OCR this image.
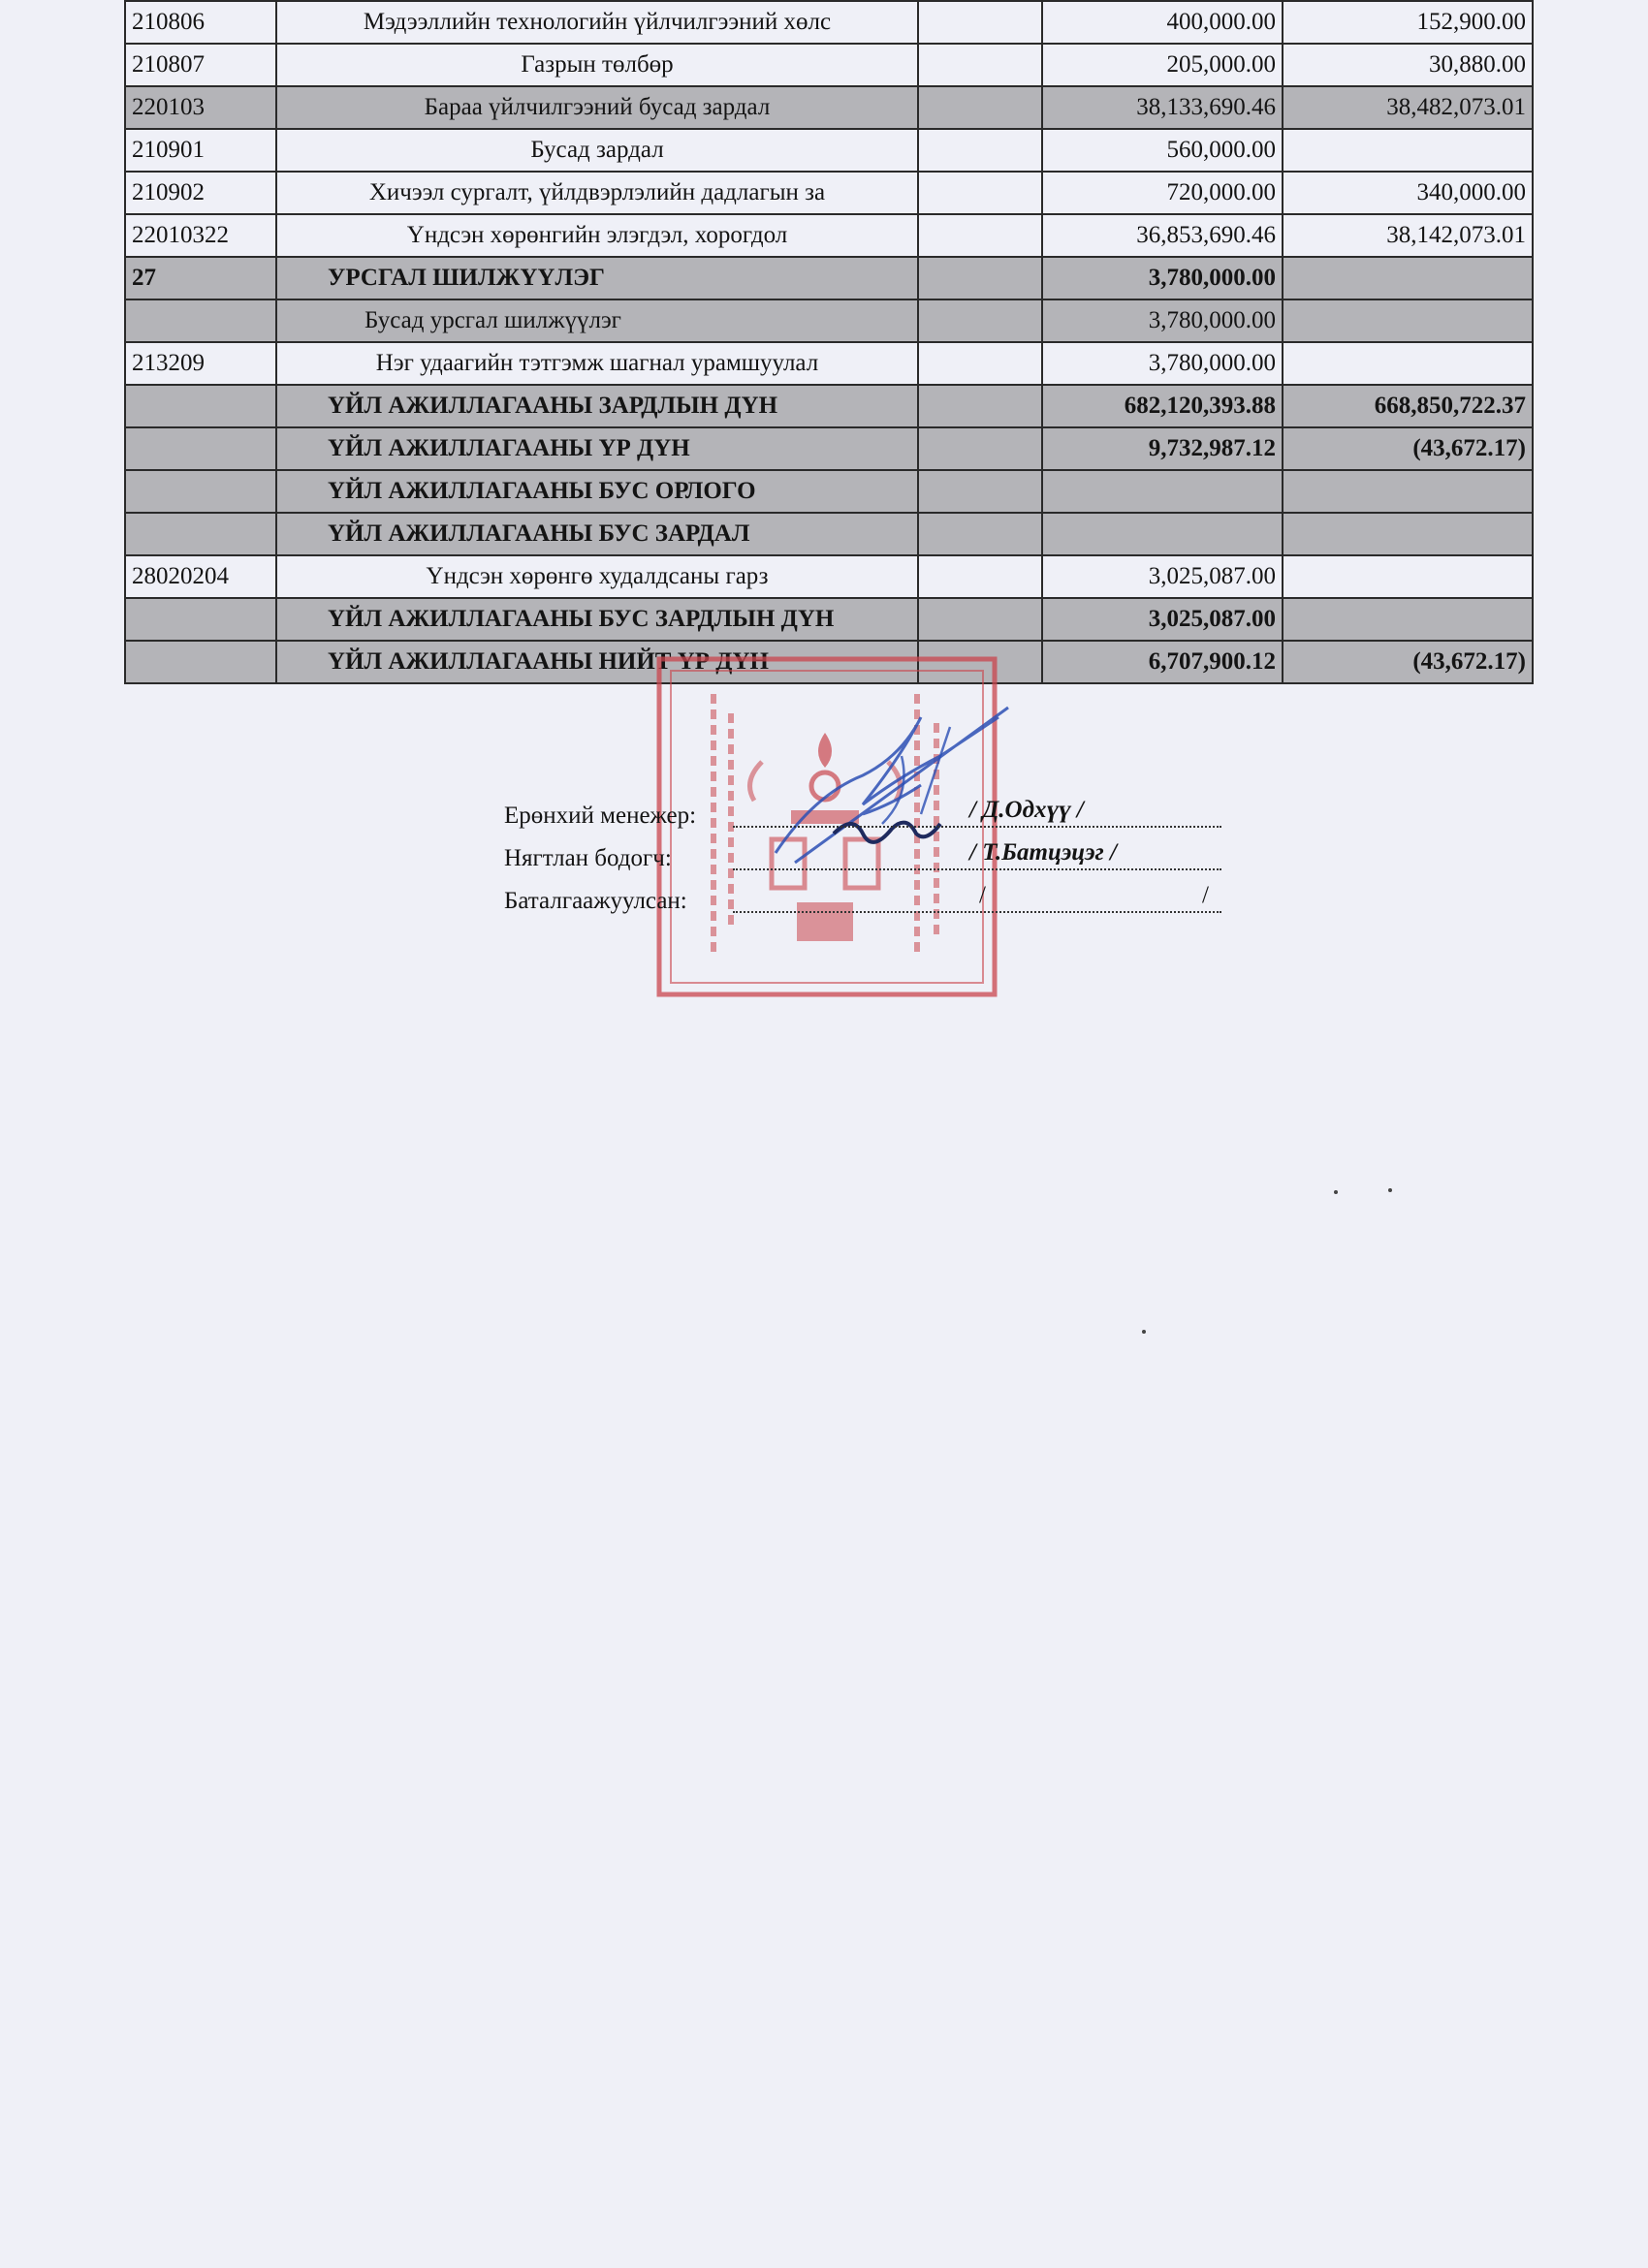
210806	Мэдээллийн технологийн үйлчилгээний хөлс		400,000.00	152,900.00
210807	Газрын төлбөр		205,000.00	30,880.00
220103	Бараа үйлчилгээний бусад зардал		38,133,690.46	38,482,073.01
210901	Бусад зардал		560,000.00	
210902	Хичээл сургалт, үйлдвэрлэлийн дадлагын за		720,000.00	340,000.00
22010322	Үндсэн хөрөнгийн элэгдэл, хорогдол		36,853,690.46	38,142,073.01
27	УРСГАЛ ШИЛЖҮҮЛЭГ		3,780,000.00	
	Бусад урсгал шилжүүлэг		3,780,000.00	
213209	Нэг удаагийн тэтгэмж шагнал урамшуулал		3,780,000.00	
	ҮЙЛ АЖИЛЛАГААНЫ ЗАРДЛЫН ДҮН		682,120,393.88	668,850,722.37
	ҮЙЛ АЖИЛЛАГААНЫ ҮР ДҮН		9,732,987.12	(43,672.17)
	ҮЙЛ АЖИЛЛАГААНЫ БУС ОРЛОГО			
	ҮЙЛ АЖИЛЛАГААНЫ БУС ЗАРДАЛ			
28020204	Үндсэн хөрөнгө худалдсаны гарз		3,025,087.00	
	ҮЙЛ АЖИЛЛАГААНЫ БУС ЗАРДЛЫН ДҮН		3,025,087.00	
	ҮЙЛ АЖИЛЛАГААНЫ НИЙТ ҮР ДҮН		6,707,900.12	(43,672.17)
Ерөнхий менежер:	/ Д.Одхүү /
Нягтлан бодогч:	/ Т.Батцэцэг /
Баталгаажуулсан:	/	/
